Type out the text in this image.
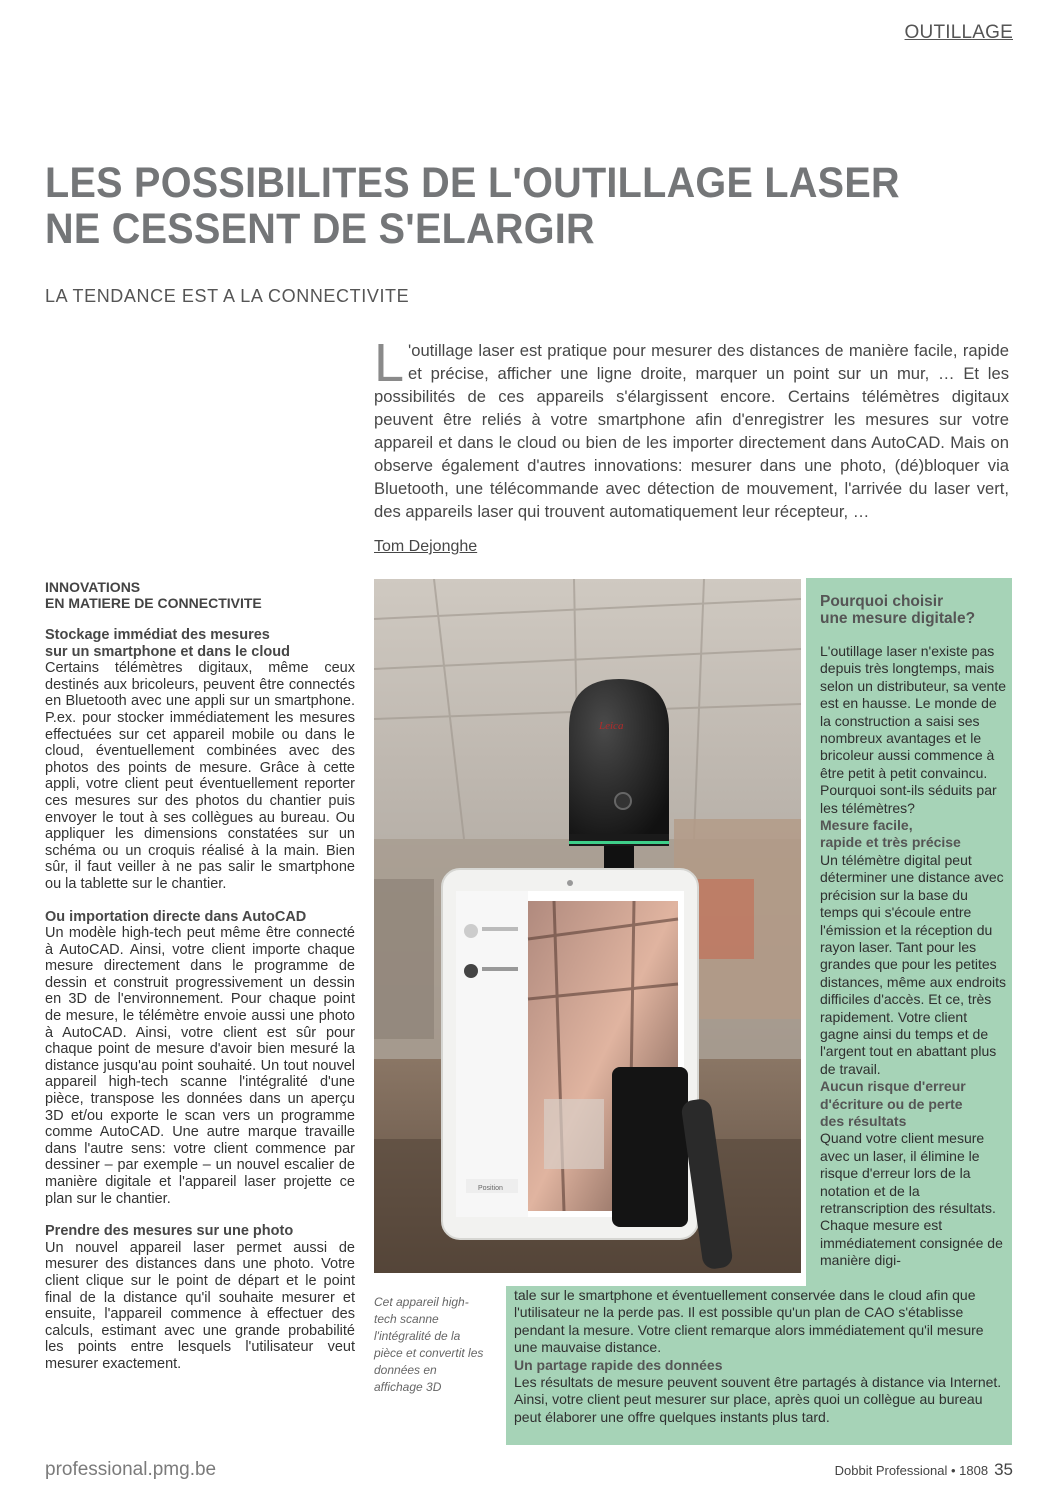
OUTILLAGE
LES POSSIBILITES DE L'OUTILLAGE LASER
NE CESSENT DE S'ELARGIR
LA TENDANCE EST A LA CONNECTIVITE
L 'outillage laser est pratique pour mesurer des distances de manière facile, rapide et précise, afficher une ligne droite, marquer un point sur un mur, … Et les possibilités de ces appareils s'élargissent encore. Certains télémètres digitaux peuvent être reliés à votre smartphone afin d'enregistrer les mesures sur votre appareil et dans le cloud ou bien de les importer directement dans AutoCAD. Mais on observe également d'autres innovations: mesurer dans une photo, (dé)bloquer via Bluetooth, une télécommande avec détection de mouvement, l'arrivée du laser vert, des appareils laser qui trouvent automatiquement leur récepteur, …
Tom Dejonghe
INNOVATIONS
EN MATIERE DE CONNECTIVITE

Stockage immédiat des mesures
sur un smartphone et dans le cloud

Certains télémètres digitaux, même ceux destinés aux bricoleurs, peuvent être connectés en Bluetooth avec une appli sur un smartphone. P.ex. pour stocker immédiatement les mesures effectuées sur cet appareil mobile ou dans le cloud, éventuellement combinées avec des photos des points de mesure. Grâce à cette appli, votre client peut éventuellement reporter ces mesures sur des photos du chantier puis envoyer le tout à ses collègues au bureau. Ou appliquer les dimensions constatées sur un schéma ou un croquis réalisé à la main. Bien sûr, il faut veiller à ne pas salir le smartphone ou la tablette sur le chantier.

Ou importation directe dans AutoCAD

Un modèle high-tech peut même être connecté à AutoCAD. Ainsi, votre client importe chaque mesure directement dans le programme de dessin et construit progressivement un dessin en 3D de l'environnement. Pour chaque point de mesure, le télémètre envoie aussi une photo à AutoCAD. Ainsi, votre client est sûr pour chaque point de mesure d'avoir bien mesuré la distance jusqu'au point souhaité. Un tout nouvel appareil high-tech scanne l'intégralité d'une pièce, transpose les données dans un aperçu 3D et/ou exporte le scan vers un programme comme AutoCAD. Une autre marque travaille dans l'autre sens: votre client commence par dessiner – par exemple – un nouvel escalier de manière digitale et l'appareil laser projette ce plan sur le chantier.

Prendre des mesures sur une photo

Un nouvel appareil laser permet aussi de mesurer des distances dans une photo. Votre client clique sur le point de départ et le point final de la distance qu'il souhaite mesurer et ensuite, l'appareil commence à effectuer des calculs, estimant avec une grande probabilité les points entre lesquels l'utilisateur veut mesurer exactement.

Leica
Position
Cet appareil high-tech scanne l'intégralité de la pièce et convertit les données en affichage 3D

Pourquoi choisir
une mesure digitale?

L'outillage laser n'existe pas depuis très longtemps, mais selon un distributeur, sa vente est en hausse. Le monde de la construction a saisi ses nombreux avantages et le bricoleur aussi commence à être petit à petit convaincu. Pourquoi sont-ils séduits par les télémètres?

Mesure facile,
rapide et très précise

Un télémètre digital peut déterminer une distance avec précision sur la base du temps qui s'écoule entre l'émission et la réception du rayon laser. Tant pour les grandes que pour les petites distances, même aux endroits difficiles d'accès. Et ce, très rapidement. Votre client gagne ainsi du temps et de l'argent tout en abattant plus de travail.

Aucun risque d'erreur
d'écriture ou de perte
des résultats

Quand votre client mesure avec un laser, il élimine le risque d'erreur lors de la notation et de la retranscription des résultats. Chaque mesure est immédiatement consignée de manière digi-

tale sur le smartphone et éventuellement conservée dans le cloud afin que l'utilisateur ne la perde pas. Il est possible qu'un plan de CAO s'établisse pendant la mesure. Votre client remarque alors immédiatement qu'il mesure une mauvaise distance.

Un partage rapide des données

Les résultats de mesure peuvent souvent être partagés à distance via Internet. Ainsi, votre client peut mesurer sur place, après quoi un collègue au bureau peut élaborer une offre quelques instants plus tard.

professional.pmg.be	Dobbit Professional • 1808 35
